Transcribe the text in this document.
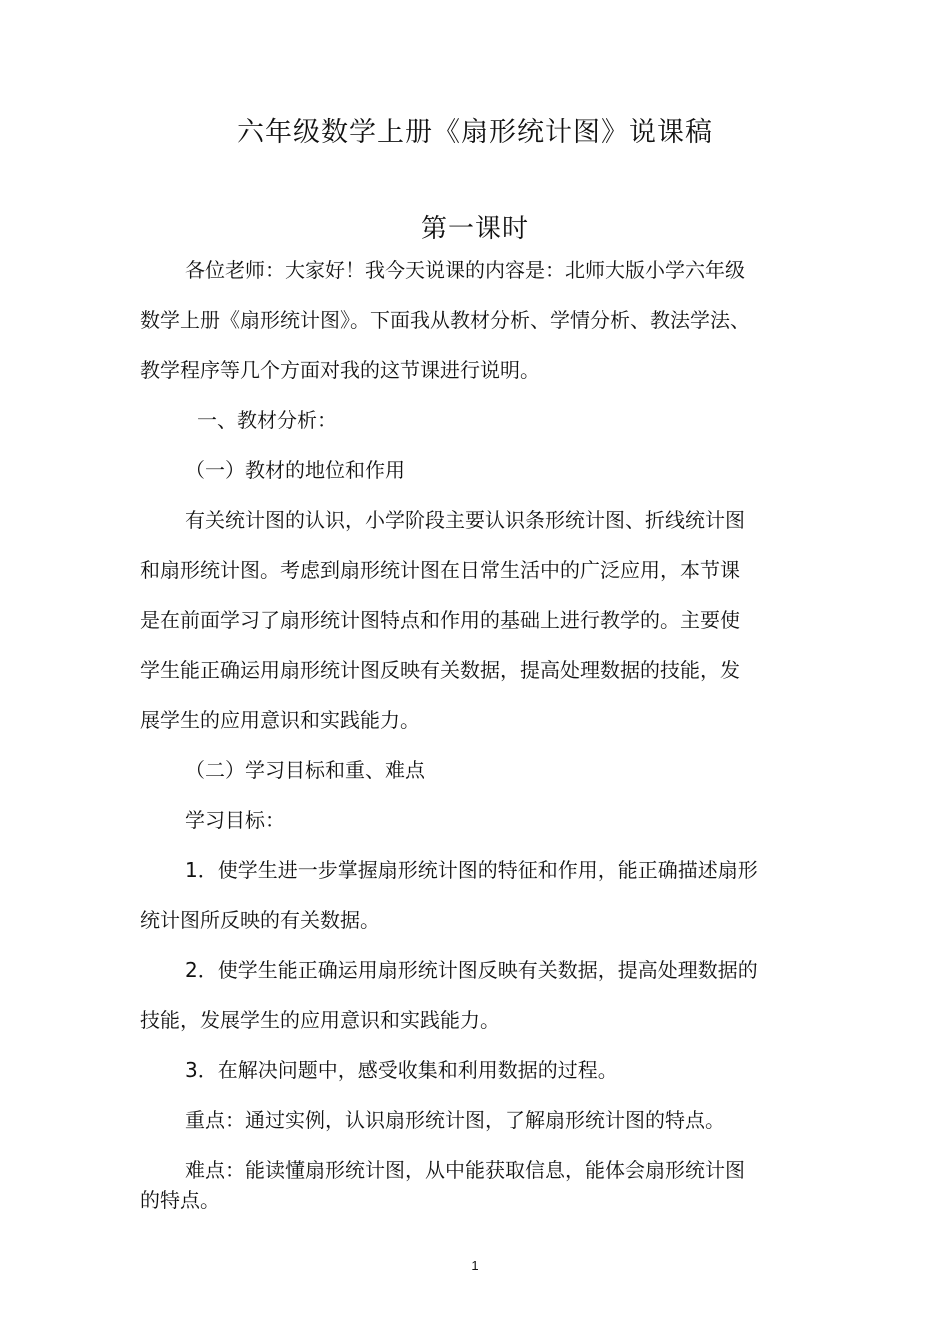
六年级数学上册《扇形统计图》说课稿
第一课时
各位老师：大家好！我今天说课的内容是：北师大版小学六年级
数学上册《扇形统计图》。下面我从教材分析、学情分析、教法学法、
教学程序等几个方面对我的这节课进行说明。
一、教材分析：
（一）教材的地位和作用
有关统计图的认识，小学阶段主要认识条形统计图、折线统计图
和扇形统计图。考虑到扇形统计图在日常生活中的广泛应用，本节课
是在前面学习了扇形统计图特点和作用的基础上进行教学的。主要使
学生能正确运用扇形统计图反映有关数据，提高处理数据的技能，发
展学生的应用意识和实践能力。
（二）学习目标和重、难点
学习目标：
1．使学生进一步掌握扇形统计图的特征和作用，能正确描述扇形
统计图所反映的有关数据。
2．使学生能正确运用扇形统计图反映有关数据，提高处理数据的
技能，发展学生的应用意识和实践能力。
3．在解决问题中，感受收集和利用数据的过程。
重点：通过实例，认识扇形统计图，了解扇形统计图的特点。
难点：能读懂扇形统计图，从中能获取信息，能体会扇形统计图
的特点。
1
